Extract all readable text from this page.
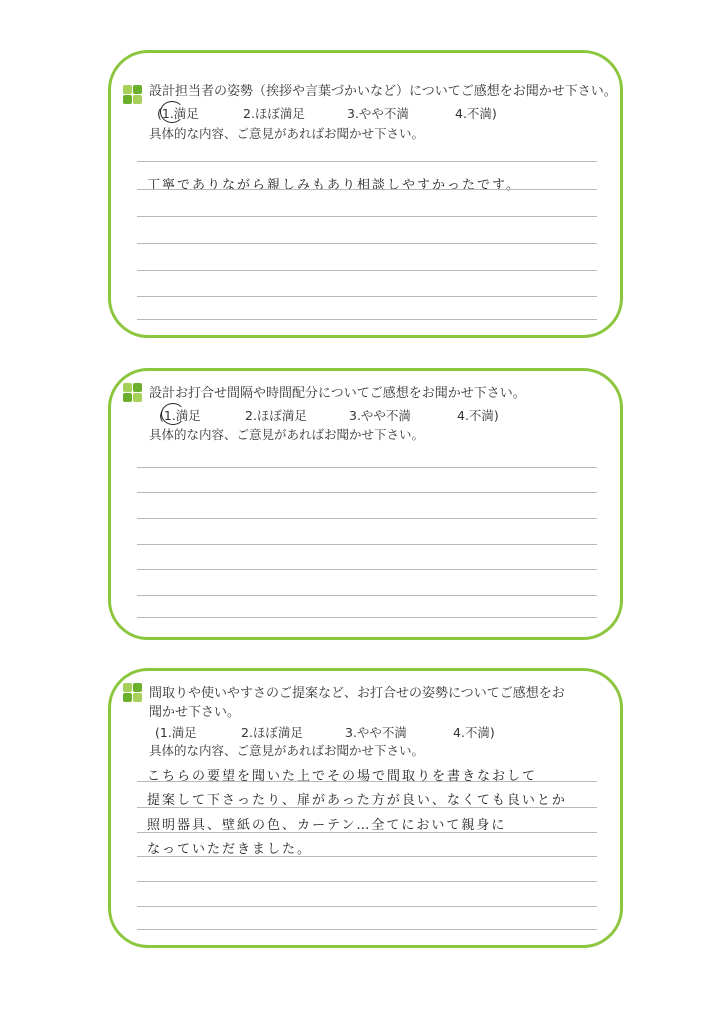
設計担当者の姿勢（挨拶や言葉づかいなど）についてご感想をお聞かせ下さい。
(1.満足	2.ほぼ満足	3.やや不満	4.不満)
具体的な内容、ご意見があればお聞かせ下さい。
丁寧でありながら親しみもあり相談しやすかったです。
設計お打合せ間隔や時間配分についてご感想をお聞かせ下さい。
(1.満足	2.ほぼ満足	3.やや不満	4.不満)
具体的な内容、ご意見があればお聞かせ下さい。
間取りや使いやすさのご提案など、お打合せの姿勢についてご感想をお
聞かせ下さい。
(1.満足	2.ほぼ満足	3.やや不満	4.不満)
具体的な内容、ご意見があればお聞かせ下さい。
こちらの要望を聞いた上でその場で間取りを書きなおして
提案して下さったり、扉があった方が良い、なくても良いとか
照明器具、壁紙の色、カーテン…全てにおいて親身に
なっていただきました。
